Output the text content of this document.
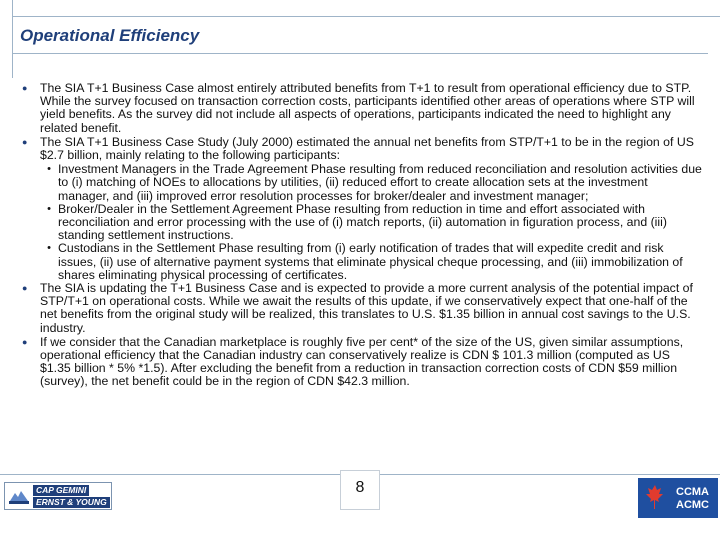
Operational Efficiency
●	The SIA T+1 Business Case almost entirely attributed benefits from T+1 to result from operational efficiency due to STP. While the survey focused on transaction correction costs, participants identified other areas of operations where STP will yield benefits. As the survey did not include all aspects of operations, participants indicated the need to highlight any related benefit.
●	The SIA T+1 Business Case Study (July 2000) estimated the annual net benefits from STP/T+1 to be in the region of US $2.7 billion, mainly relating to the following participants:
• Investment Managers in the Trade Agreement Phase resulting from reduced reconciliation and resolution activities due to (i) matching of NOEs to allocations by utilities, (ii) reduced effort to create allocation sets at the investment manager, and (iii) improved error resolution processes for broker/dealer and investment manager;
• Broker/Dealer in the Settlement Agreement Phase resulting from reduction in time and effort associated with reconciliation and error processing with the use of (i) match reports, (ii) automation in figuration process, and (iii) standing settlement instructions.
• Custodians in the Settlement Phase resulting from (i) early notification of trades that will expedite credit and risk issues, (ii) use of alternative payment systems that eliminate physical cheque processing, and (iii) immobilization of shares eliminating physical processing of certificates.
●	The SIA is updating the T+1 Business Case and is expected to provide a more current analysis of the potential impact of STP/T+1 on operational costs. While we await the results of this update, if we conservatively expect that one-half of the net benefits from the original study will be realized, this translates to U.S. $1.35 billion in annual cost savings to the U.S. industry.
●	If we consider that the Canadian marketplace is roughly five per cent* of the size of the US, given similar assumptions, operational efficiency that the Canadian industry can conservatively realize is CDN $ 101.3 million (computed as US $1.35 billion * 5% *1.5). After excluding the benefit from a reduction in transaction correction costs of CDN $59 million (survey), the net benefit could be in the region of CDN $42.3 million.
CAP GEMINI
ERNST & YOUNG
8	CCMA
ACMC
